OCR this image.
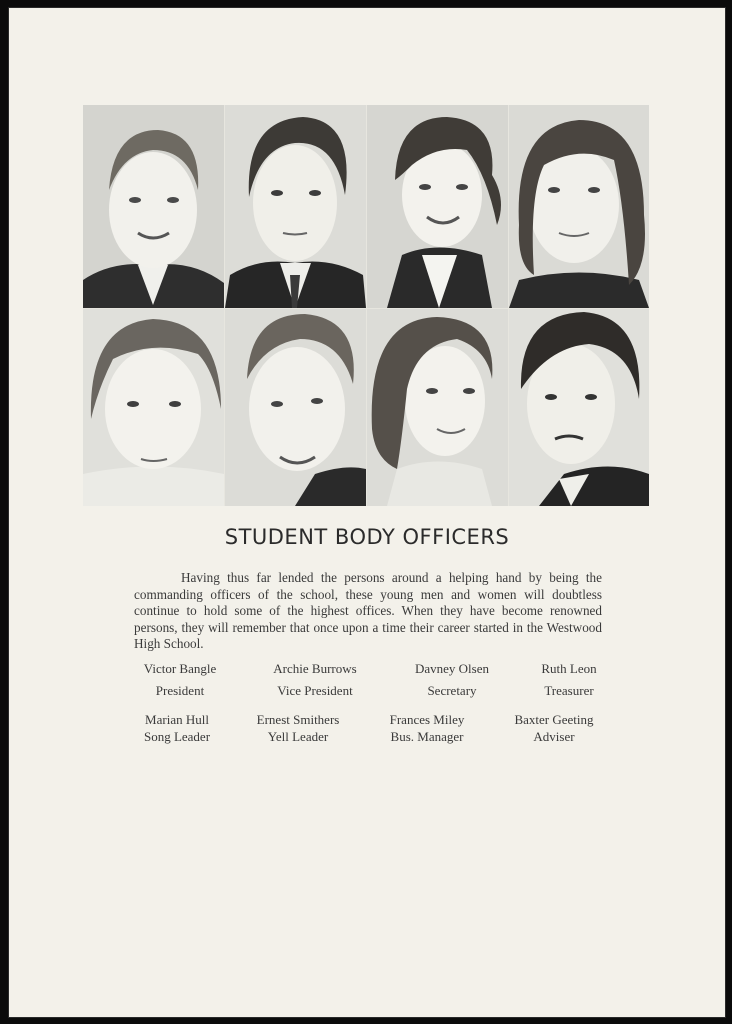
STUDENT BODY OFFICERS

Having thus far lended the persons around a helping hand by being the commanding officers of the school, these young men and women will doubtless continue to hold some of the highest offices. When they have become renowned persons, they will remember that once upon a time their career started in the Westwood High School.

Victor Bangle
President
Archie Burrows
Vice President
Davney Olsen
Secretary
Ruth Leon
Treasurer
Marian Hull
Song Leader
Ernest Smithers
Yell Leader
Frances Miley
Bus. Manager
Baxter Geeting
Adviser
